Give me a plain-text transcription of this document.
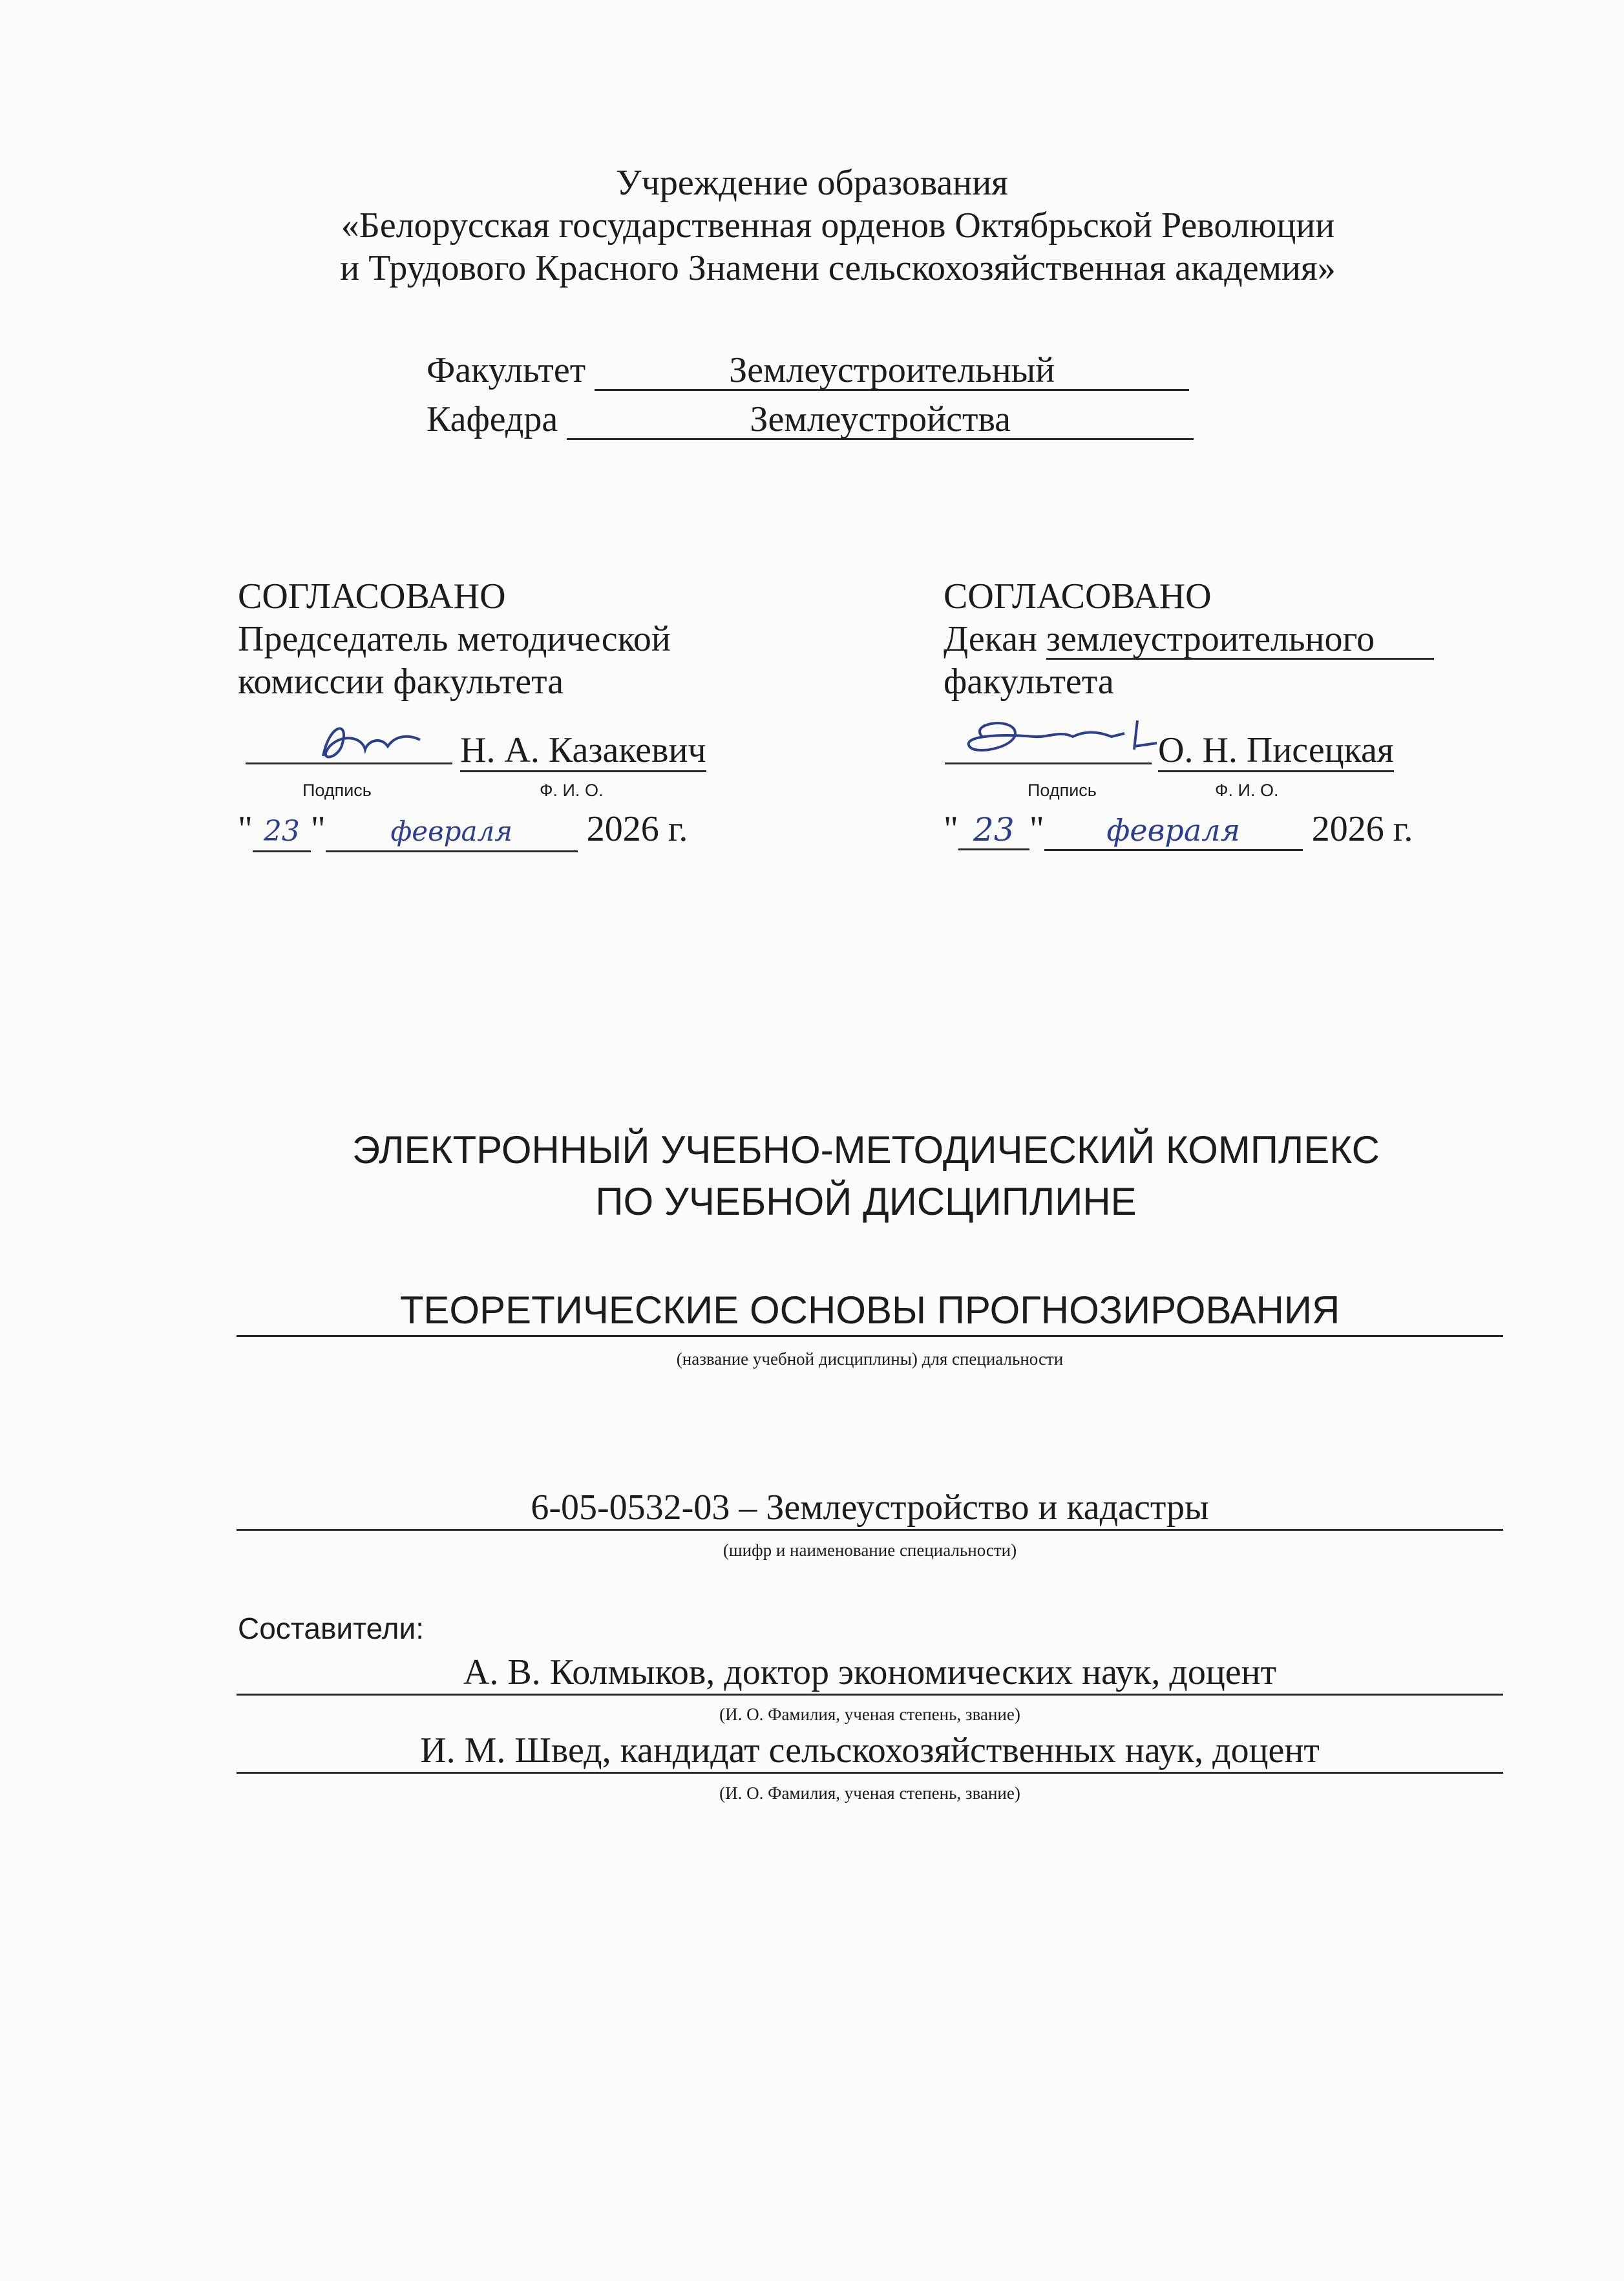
Учреждение образования
«Белорусская государственная орденов Октябрьской Революции
и Трудового Красного Знамени сельскохозяйственная академия»
Факультет	Землеустроительный
Кафедра	Землеустройства
СОГЛАСОВАНО
Председатель методической
комиссии факультета
Н. А. Казакевич
Подпись	Ф. И. О.
" 23 " февраля 2026 г.
СОГЛАСОВАНО
Декан землеустроительного
факультета
О. Н. Писецкая
Подпись	Ф. И. О.
" 23 " февраля 2026 г.
ЭЛЕКТРОННЫЙ УЧЕБНО-МЕТОДИЧЕСКИЙ КОМПЛЕКС
ПО УЧЕБНОЙ ДИСЦИПЛИНЕ
ТЕОРЕТИЧЕСКИЕ ОСНОВЫ ПРОГНОЗИРОВАНИЯ
(название учебной дисциплины) для специальности
6-05-0532-03 – Землеустройство и кадастры
(шифр и наименование специальности)
Составители:
А. В. Колмыков, доктор экономических наук, доцент
(И. О. Фамилия, ученая степень, звание)
И. М. Швед, кандидат сельскохозяйственных наук, доцент
(И. О. Фамилия, ученая степень, звание)
